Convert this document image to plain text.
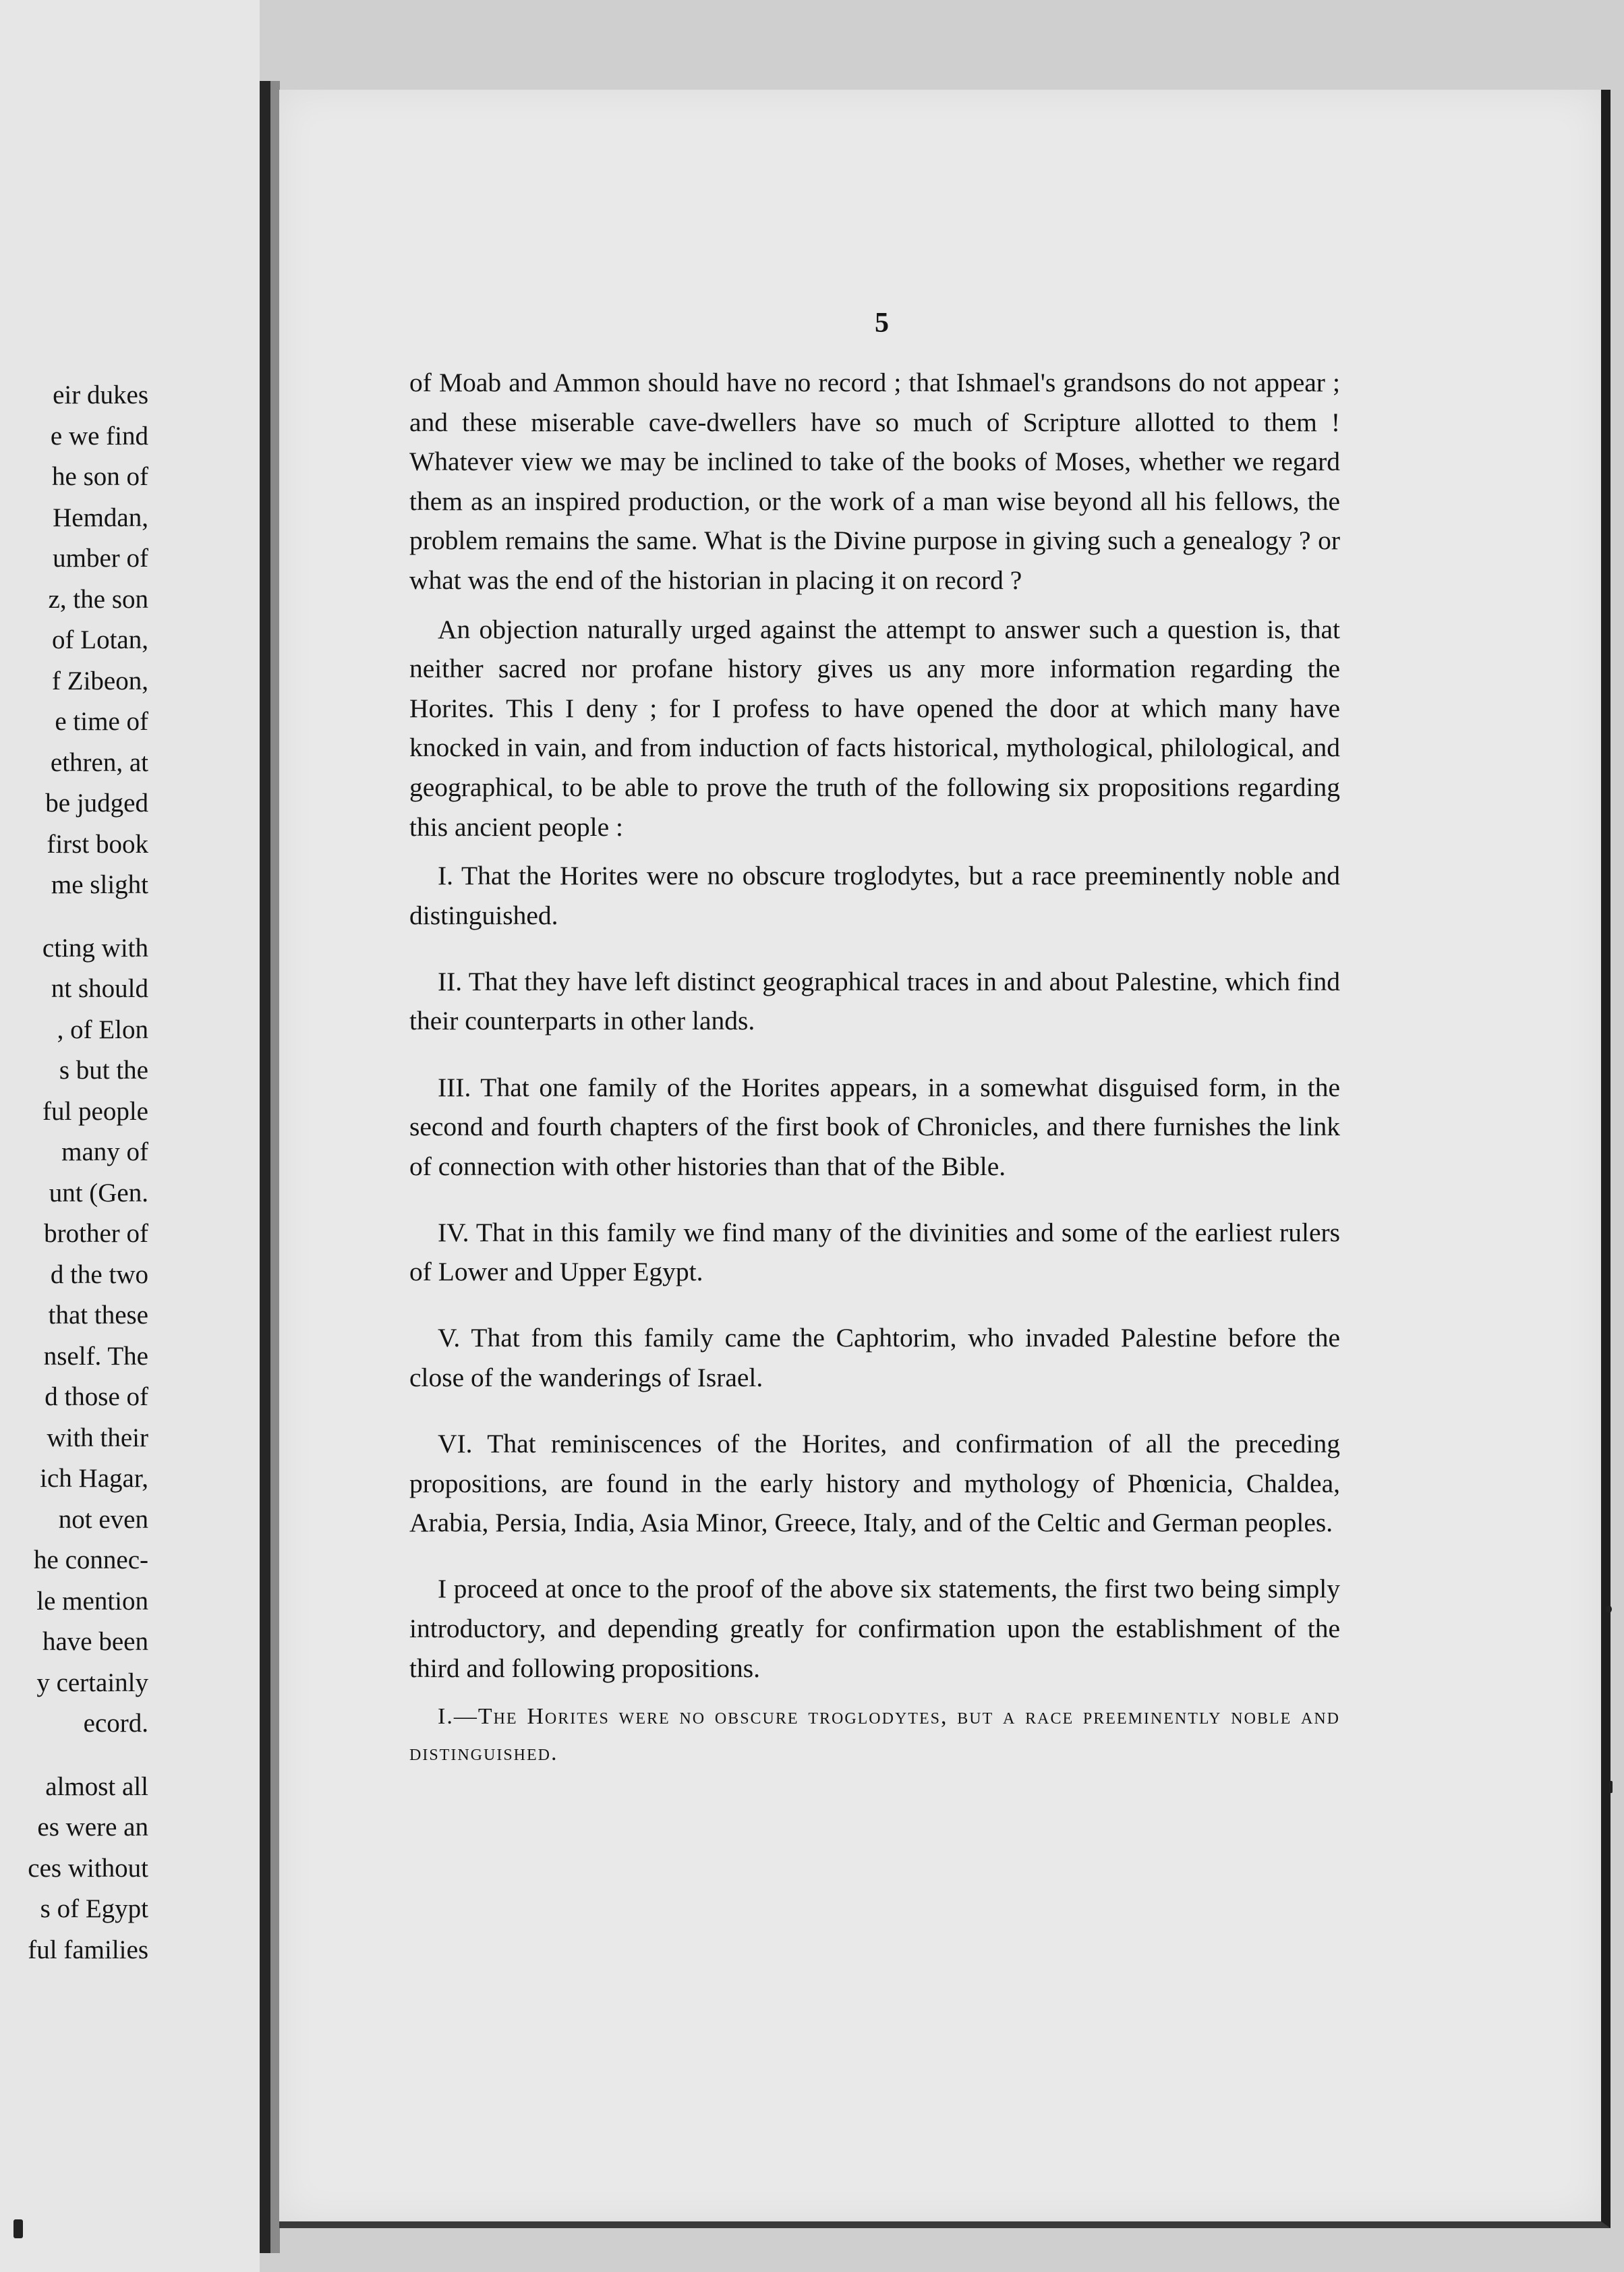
eir dukes
e we find
he son of
Hemdan,
umber of
z, the son
of Lotan,
f Zibeon,
e time of
ethren, at
be judged
first book
me slight
cting with
nt should
, of Elon
s but the
ful people
many of
unt (Gen.
brother of
d the two
that these
nself. The
d those of
with their
ich Hagar,
not even
he connec-
le mention
have been
y certainly
ecord.
almost all
es were an
ces without
s of Egypt
ful families
5

of Moab and Ammon should have no record ; that Ishmael's grandsons do not appear ; and these miserable cave-dwellers have so much of Scripture allotted to them ! Whatever view we may be inclined to take of the books of Moses, whether we regard them as an inspired production, or the work of a man wise beyond all his fellows, the problem remains the same. What is the Divine purpose in giving such a genealogy ? or what was the end of the historian in placing it on record ?

An objection naturally urged against the attempt to answer such a question is, that neither sacred nor profane history gives us any more information regarding the Horites. This I deny ; for I profess to have opened the door at which many have knocked in vain, and from induction of facts historical, mythological, philological, and geographical, to be able to prove the truth of the following six propositions regarding this ancient people :

I. That the Horites were no obscure troglodytes, but a race preeminently noble and distinguished.

II. That they have left distinct geographical traces in and about Palestine, which find their counterparts in other lands.

III. That one family of the Horites appears, in a somewhat disguised form, in the second and fourth chapters of the first book of Chronicles, and there furnishes the link of connection with other histories than that of the Bible.

IV. That in this family we find many of the divinities and some of the earliest rulers of Lower and Upper Egypt.

V. That from this family came the Caphtorim, who invaded Palestine before the close of the wanderings of Israel.

VI. That reminiscences of the Horites, and confirmation of all the preceding propositions, are found in the early history and mythology of Phœnicia, Chaldea, Arabia, Persia, India, Asia Minor, Greece, Italy, and of the Celtic and German peoples.

I proceed at once to the proof of the above six statements, the first two being simply introductory, and depending greatly for confirmation upon the establishment of the third and following propositions.

I.—The Horites were no obscure troglodytes, but a race preeminently noble and distinguished.
